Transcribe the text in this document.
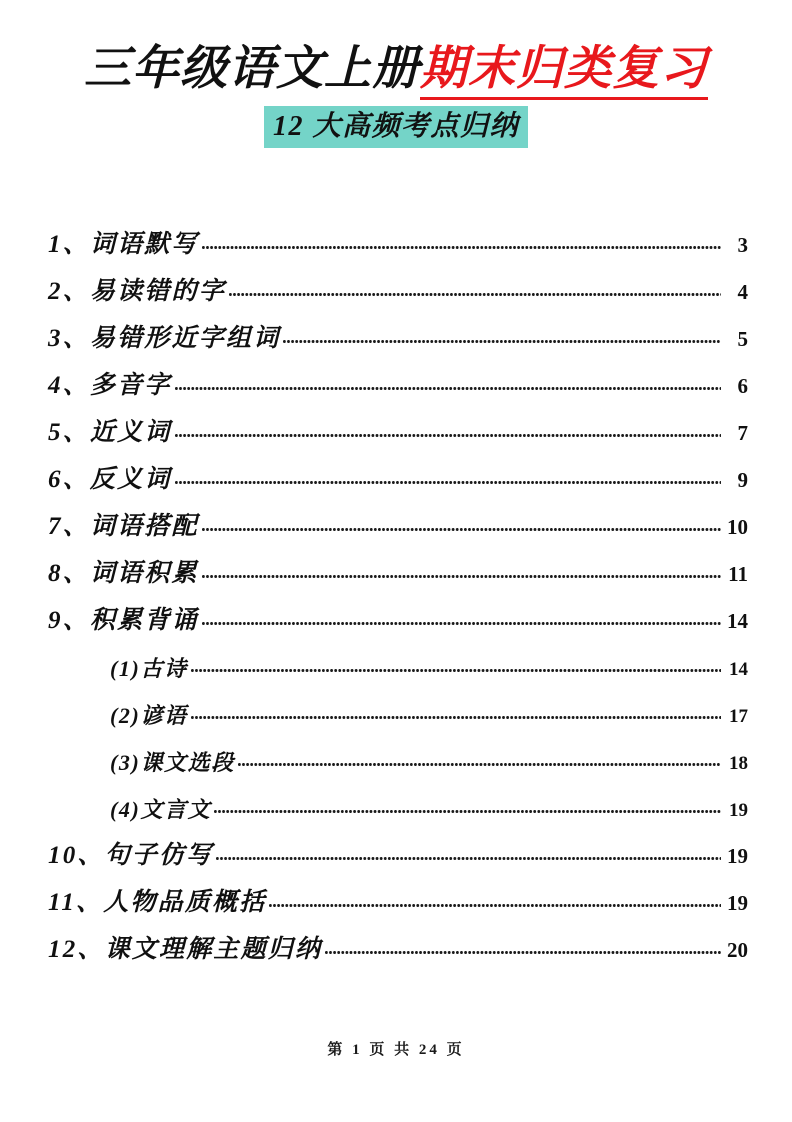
三年级语文上册期末归类复习
12 大高频考点归纳
1、词语默写	3
2、易读错的字	4
3、易错形近字组词	5
4、多音字	6
5、近义词	7
6、反义词	9
7、词语搭配	10
8、词语积累	11
9、积累背诵	14
(1)古诗	14
(2)谚语	17
(3)课文选段	18
(4)文言文	19
10、句子仿写	19
11、人物品质概括	19
12、课文理解主题归纳	20
第 1 页 共 24 页
